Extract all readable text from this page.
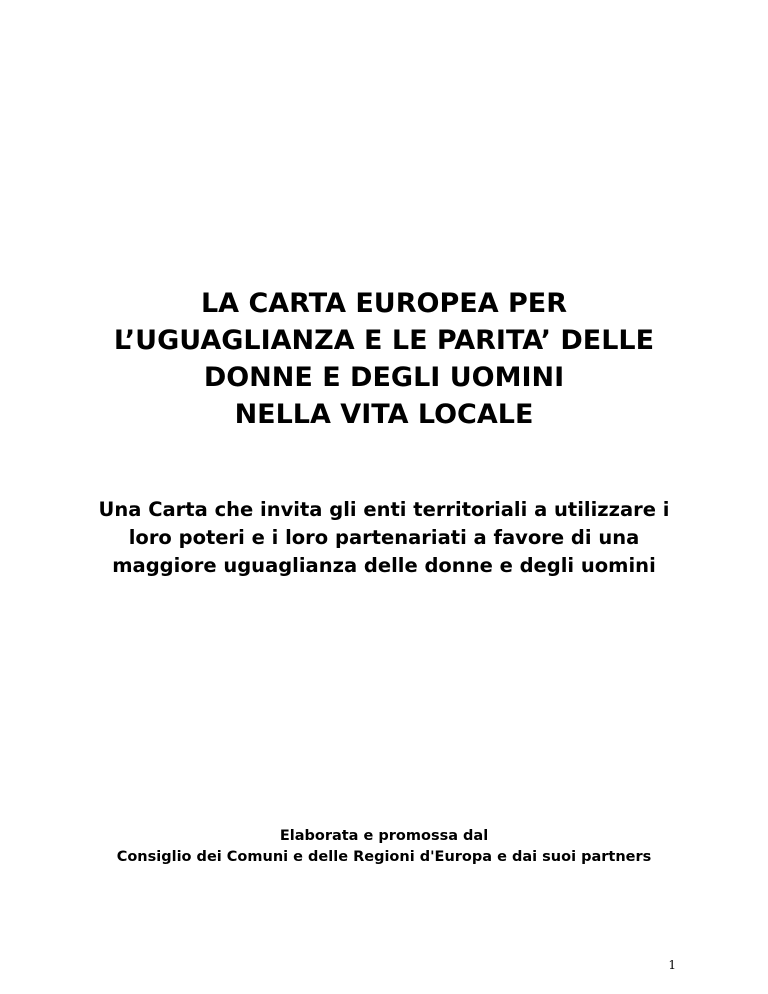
LA CARTA EUROPEA PER
L’UGUAGLIANZA E LE PARITA’ DELLE
DONNE E DEGLI UOMINI
NELLA VITA LOCALE
Una Carta che invita gli enti territoriali a utilizzare i
loro poteri e i loro partenariati a favore di una
maggiore uguaglianza delle donne e degli uomini
Elaborata e promossa dal
Consiglio dei Comuni e delle Regioni d'Europa e dai suoi partners
1
